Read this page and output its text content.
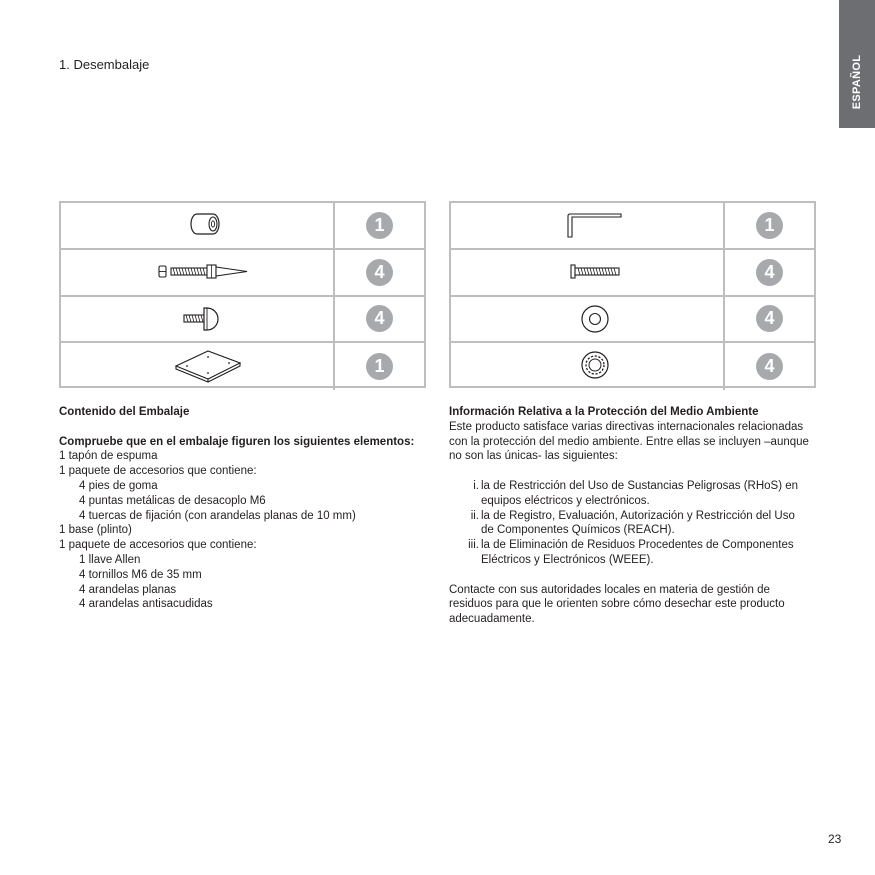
ESPAÑOL
1. Desembalaje
1
4
4
1
1
4
4
4

Contenido del Embalaje

Compruebe que en el embalaje figuren los siguientes elementos:

1 tapón de espuma

1 paquete de accesorios que contiene:

4 pies de goma

4 puntas metálicas de desacoplo M6

4 tuercas de fijación (con arandelas planas de 10 mm)

1 base (plinto)

1 paquete de accesorios que contiene:

1 llave Allen

4 tornillos M6 de 35 mm

4 arandelas planas

4 arandelas antisacudidas

Información Relativa a la Protección del Medio Ambiente

Este producto satisface varias directivas internacionales relacionadas con la protección del medio ambiente. Entre ellas se incluyen –aunque no son las únicas- las siguientes:

i. la de Restricción del Uso de Sustancias Peligrosas (RHoS) en equipos eléctricos y electrónicos.
ii. la de Registro, Evaluación, Autorización y Restricción del Uso de Componentes Químicos (REACH).
iii. la de Eliminación de Residuos Procedentes de Componentes Eléctricos y Electrónicos (WEEE).

Contacte con sus autoridades locales en materia de gestión de residuos para que le orienten sobre cómo desechar este producto adecuadamente.

23
